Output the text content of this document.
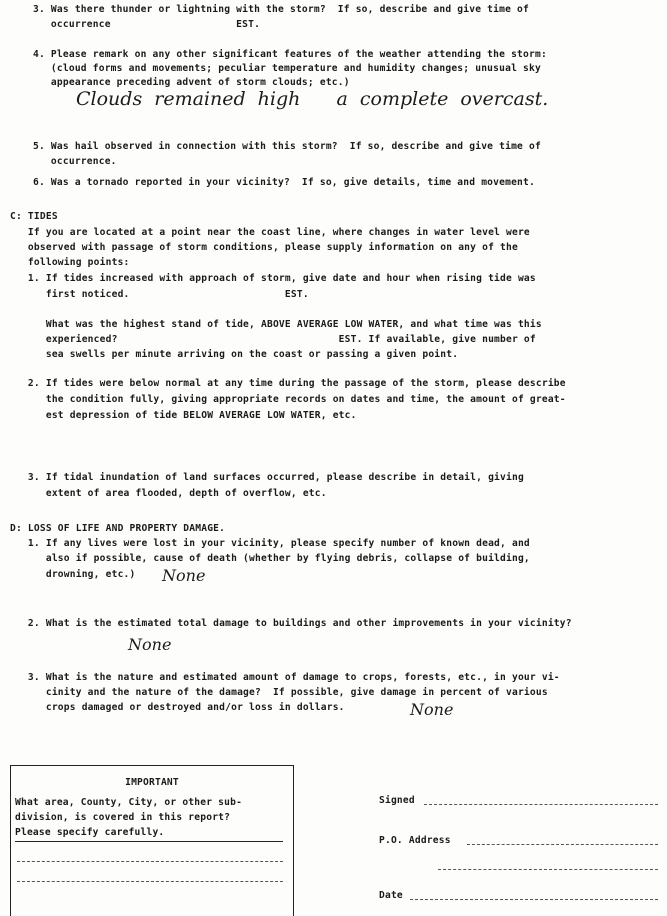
3. Was there thunder or lightning with the storm?  If so, describe and give time of
occurrence                     EST.
4. Please remark on any other significant features of the weather attending the storm:
(cloud forms and movements; peculiar temperature and humidity changes; unusual sky
appearance preceding advent of storm clouds; etc.)
Clouds remained high   a complete overcast.
5. Was hail observed in connection with this storm?  If so, describe and give time of
occurrence.
6. Was a tornado reported in your vicinity?  If so, give details, time and movement.
C: TIDES
If you are located at a point near the coast line, where changes in water level were
observed with passage of storm conditions, please supply information on any of the
following points:
1. If tides increased with approach of storm, give date and hour when rising tide was
first noticed.                          EST.
What was the highest stand of tide, ABOVE AVERAGE LOW WATER, and what time was this
experienced?                                     EST. If available, give number of
sea swells per minute arriving on the coast or passing a given point.
2. If tides were below normal at any time during the passage of the storm, please describe
the condition fully, giving appropriate records on dates and time, the amount of great-
est depression of tide BELOW AVERAGE LOW WATER, etc.
3. If tidal inundation of land surfaces occurred, please describe in detail, giving
extent of area flooded, depth of overflow, etc.
D: LOSS OF LIFE AND PROPERTY DAMAGE.
1. If any lives were lost in your vicinity, please specify number of known dead, and
also if possible, cause of death (whether by flying debris, collapse of building,
drowning, etc.) None
2. What is the estimated total damage to buildings and other improvements in your vicinity?
None
3. What is the nature and estimated amount of damage to crops, forests, etc., in your vi-
cinity and the nature of the damage?  If possible, give damage in percent of various
crops damaged or destroyed and/or loss in dollars.	None
IMPORTANT
What area, County, City, or other sub-
division, is covered in this report?
Please specify carefully.
Signed
P.O. Address
Date
